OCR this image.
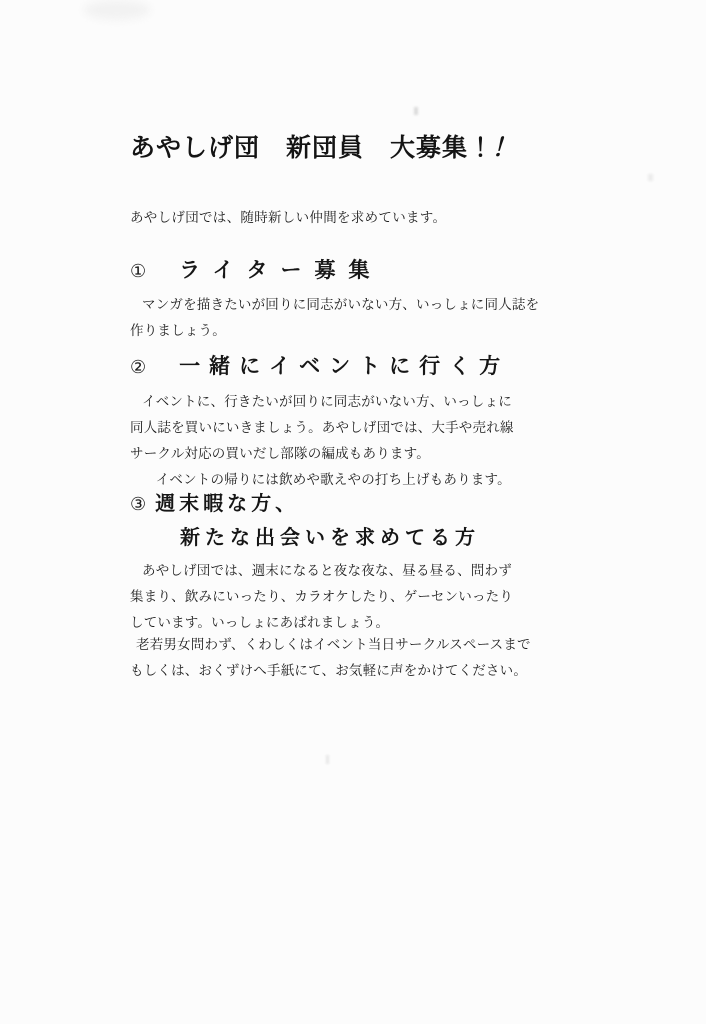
あやしげ団　新団員　大募集！！

あやしげ団では、随時新しい仲間を求めています。

① ライター募集
マンガを描きたいが回りに同志がいない方、いっしょに同人誌を
作りましょう。
② 一緒にイベントに行く方
イベントに、行きたいが回りに同志がいない方、いっしょに
同人誌を買いにいきましょう。あやしげ団では、大手や売れ線
サークル対応の買いだし部隊の編成もあります。
　イベントの帰りには飲めや歌えやの打ち上げもあります。
③ 週末暇な方、
新たな出会いを求めてる方
あやしげ団では、週末になると夜な夜な、昼る昼る、問わず
集まり、飲みにいったり、カラオケしたり、ゲーセンいったり
しています。いっしょにあばれましょう。
老若男女問わず、くわしくはイベント当日サークルスペースまで
もしくは、おくずけへ手紙にて、お気軽に声をかけてください。
